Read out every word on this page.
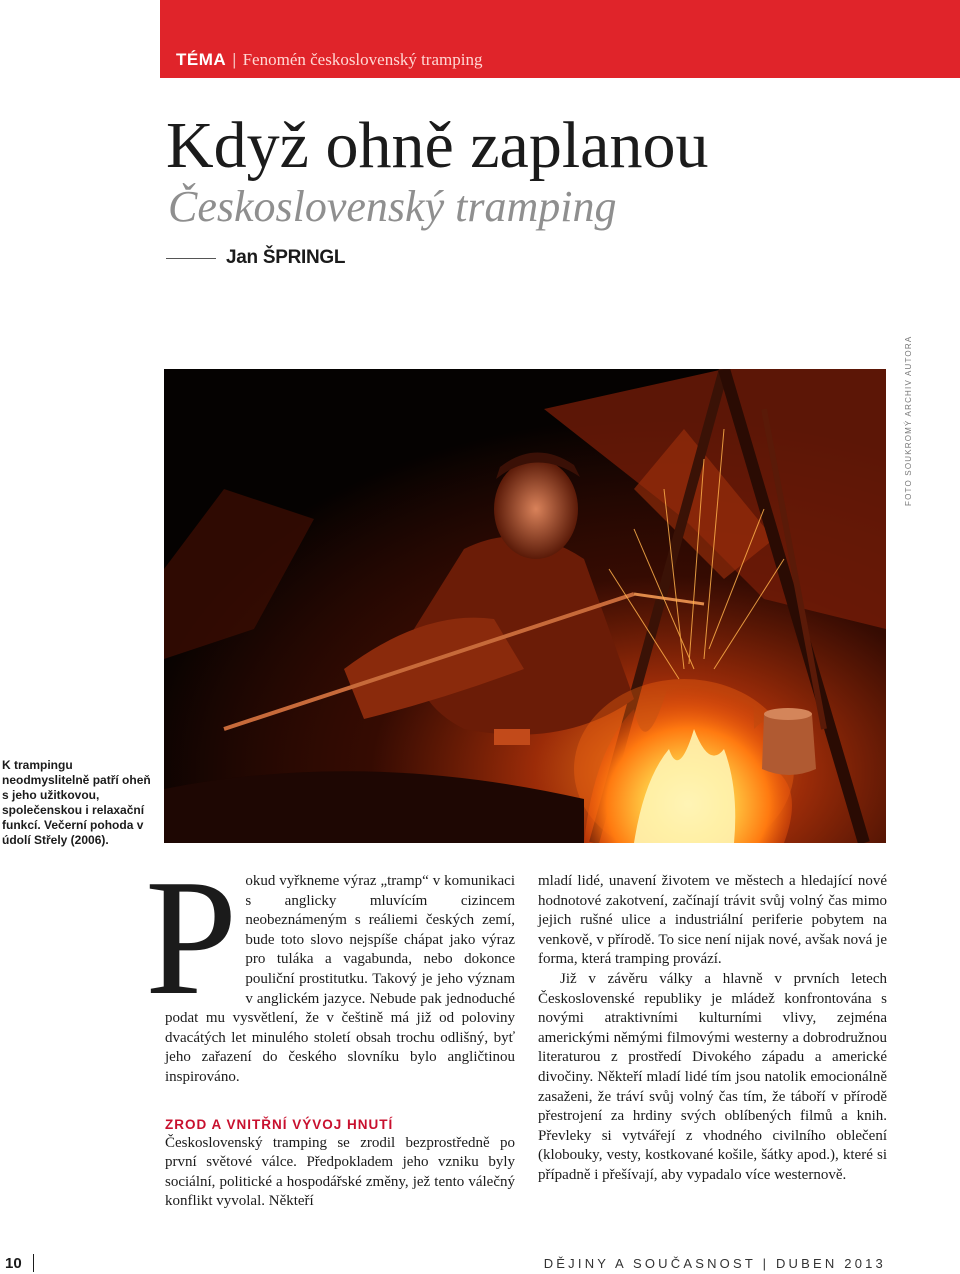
TÉMA | Fenomén československý tramping
Když ohně zaplanou
Československý tramping
Jan ŠPRINGL
FOTO SOUKROMÝ ARCHIV AUTORA
K trampingu neodmyslitelně patří oheň s jeho užitkovou, společenskou i relaxační funkcí. Večerní pohoda v údolí Střely (2006).
P okud vyřkneme výraz „tramp“ v komunikaci s anglicky mluvícím cizincem neobeznámeným s reáliemi českých zemí, bude toto slovo nejspíše chápat jako výraz pro tuláka a vagabunda, nebo dokonce pouliční prostitutku. Takový je jeho význam v anglickém jazyce. Nebude pak jednoduché podat mu vysvětlení, že v češtině má již od poloviny dvacátých let minulého století obsah trochu odlišný, byť jeho zařazení do českého slovníku bylo angličtinou inspirováno.

ZROD A VNITŘNÍ VÝVOJ HNUTÍ

Československý tramping se zrodil bezprostředně po první světové válce. Předpokladem jeho vzniku byly sociální, politické a hospodářské změny, jež tento válečný konflikt vyvolal. Někteří

mladí lidé, unavení životem ve městech a hledající nové hodnotové zakotvení, začínají trávit svůj volný čas mimo jejich rušné ulice a industriální periferie pobytem na venkově, v přírodě. To sice není nijak nové, avšak nová je forma, která tramping provází.

Již v závěru války a hlavně v prvních letech Československé republiky je mládež konfrontována s novými atraktivními kulturními vlivy, zejména americkými němými filmovými westerny a dobrodružnou literaturou z prostředí Divokého západu a americké divočiny. Někteří mladí lidé tím jsou natolik emocionálně zasaženi, že tráví svůj volný čas tím, že táboří v přírodě přestrojení za hrdiny svých oblíbených filmů a knih. Převleky si vytvářejí z vhodného civilního oblečení (klobouky, vesty, kostkované košile, šátky apod.), které si případně i přešívají, aby vypadalo více westernově.

10	DĚJINY A SOUČASNOST | DUBEN 2013
